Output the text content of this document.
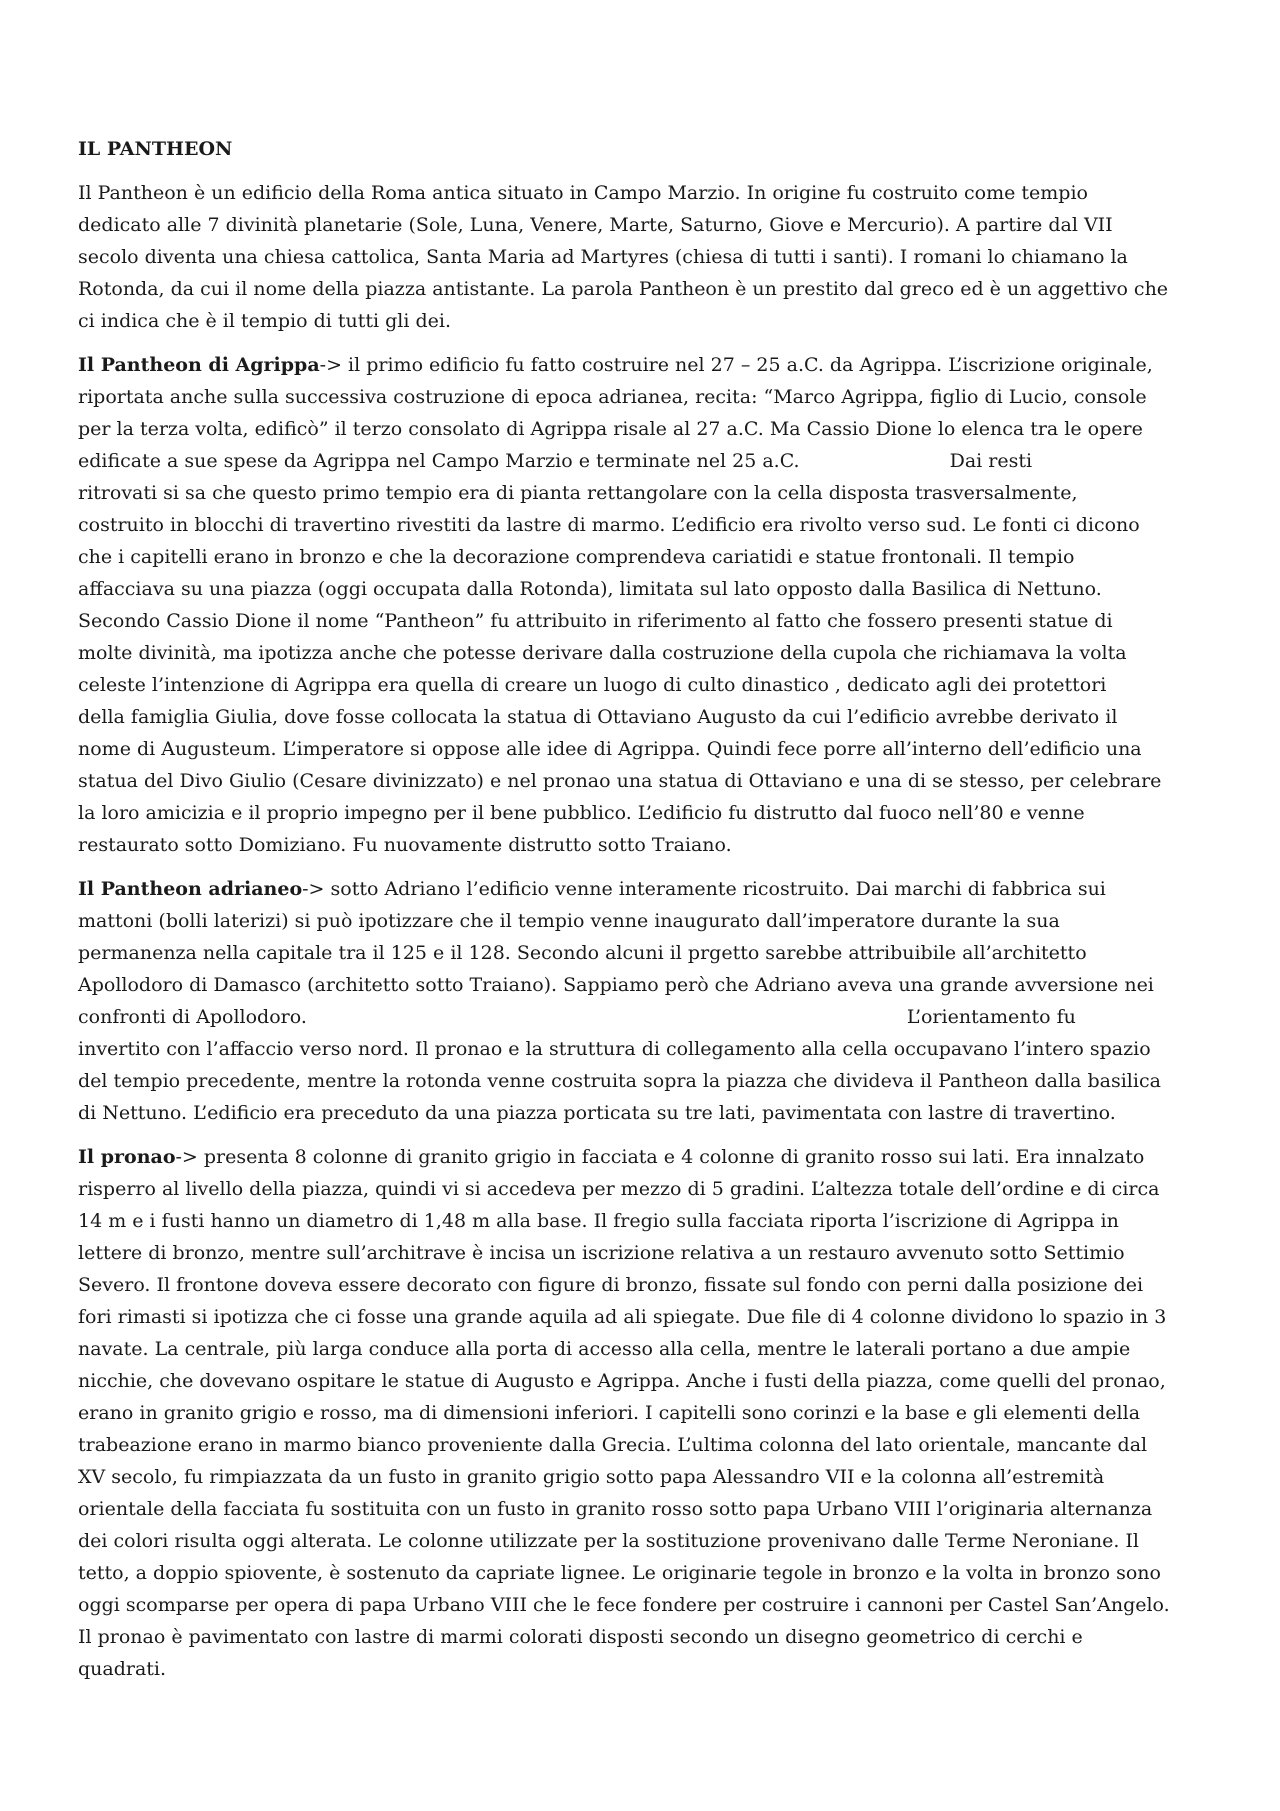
IL PANTHEON
Il Pantheon è un edificio della Roma antica situato in Campo Marzio. In origine fu costruito come tempio
dedicato alle 7 divinità planetarie (Sole, Luna, Venere, Marte, Saturno, Giove e Mercurio). A partire dal VII
secolo diventa una chiesa cattolica, Santa Maria ad Martyres (chiesa di tutti i santi). I romani lo chiamano la
Rotonda, da cui il nome della piazza antistante. La parola Pantheon è un prestito dal greco ed è un aggettivo che
ci indica che è il tempio di tutti gli dei.
Il Pantheon di Agrippa-> il primo edificio fu fatto costruire nel 27 – 25 a.C. da Agrippa. L’iscrizione originale,
riportata anche sulla successiva costruzione di epoca adrianea, recita: “Marco Agrippa, figlio di Lucio, console
per la terza volta, edificò” il terzo consolato di Agrippa risale al 27 a.C. Ma Cassio Dione lo elenca tra le opere
edificate a sue spese da Agrippa nel Campo Marzio e terminate nel 25 a.C.	Dai resti
ritrovati si sa che questo primo tempio era di pianta rettangolare con la cella disposta trasversalmente,
costruito in blocchi di travertino rivestiti da lastre di marmo. L’edificio era rivolto verso sud. Le fonti ci dicono
che i capitelli erano in bronzo e che la decorazione comprendeva cariatidi e statue frontonali. Il tempio
affacciava su una piazza (oggi occupata dalla Rotonda), limitata sul lato opposto dalla Basilica di Nettuno.
Secondo Cassio Dione il nome “Pantheon” fu attribuito in riferimento al fatto che fossero presenti statue di
molte divinità, ma ipotizza anche che potesse derivare dalla costruzione della cupola che richiamava la volta
celeste l’intenzione di Agrippa era quella di creare un luogo di culto dinastico , dedicato agli dei protettori
della famiglia Giulia, dove fosse collocata la statua di Ottaviano Augusto da cui l’edificio avrebbe derivato il
nome di Augusteum. L’imperatore si oppose alle idee di Agrippa. Quindi fece porre all’interno dell’edificio una
statua del Divo Giulio (Cesare divinizzato) e nel pronao una statua di Ottaviano e una di se stesso, per celebrare
la loro amicizia e il proprio impegno per il bene pubblico. L’edificio fu distrutto dal fuoco nell’80 e venne
restaurato sotto Domiziano. Fu nuovamente distrutto sotto Traiano.
Il Pantheon adrianeo-> sotto Adriano l’edificio venne interamente ricostruito. Dai marchi di fabbrica sui
mattoni (bolli laterizi) si può ipotizzare che il tempio venne inaugurato dall’imperatore durante la sua
permanenza nella capitale tra il 125 e il 128. Secondo alcuni il prgetto sarebbe attribuibile all’architetto
Apollodoro di Damasco (architetto sotto Traiano). Sappiamo però che Adriano aveva una grande avversione nei
confronti di Apollodoro.	L’orientamento fu
invertito con l’affaccio verso nord. Il pronao e la struttura di collegamento alla cella occupavano l’intero spazio
del tempio precedente, mentre la rotonda venne costruita sopra la piazza che divideva il Pantheon dalla basilica
di Nettuno. L’edificio era preceduto da una piazza porticata su tre lati, pavimentata con lastre di travertino.
Il pronao-> presenta 8 colonne di granito grigio in facciata e 4 colonne di granito rosso sui lati. Era innalzato
risperro al livello della piazza, quindi vi si accedeva per mezzo di 5 gradini. L’altezza totale dell’ordine e di circa
14 m e i fusti hanno un diametro di 1,48 m alla base. Il fregio sulla facciata riporta l’iscrizione di Agrippa in
lettere di bronzo, mentre sull’architrave è incisa un iscrizione relativa a un restauro avvenuto sotto Settimio
Severo. Il frontone doveva essere decorato con figure di bronzo, fissate sul fondo con perni dalla posizione dei
fori rimasti si ipotizza che ci fosse una grande aquila ad ali spiegate. Due file di 4 colonne dividono lo spazio in 3
navate. La centrale, più larga conduce alla porta di accesso alla cella, mentre le laterali portano a due ampie
nicchie, che dovevano ospitare le statue di Augusto e Agrippa. Anche i fusti della piazza, come quelli del pronao,
erano in granito grigio e rosso, ma di dimensioni inferiori. I capitelli sono corinzi e la base e gli elementi della
trabeazione erano in marmo bianco proveniente dalla Grecia. L’ultima colonna del lato orientale, mancante dal
XV secolo, fu rimpiazzata da un fusto in granito grigio sotto papa Alessandro VII e la colonna all’estremità
orientale della facciata fu sostituita con un fusto in granito rosso sotto papa Urbano VIII l’originaria alternanza
dei colori risulta oggi alterata. Le colonne utilizzate per la sostituzione provenivano dalle Terme Neroniane. Il
tetto, a doppio spiovente, è sostenuto da capriate lignee. Le originarie tegole in bronzo e la volta in bronzo sono
oggi scomparse per opera di papa Urbano VIII che le fece fondere per costruire i cannoni per Castel San’Angelo.
Il pronao è pavimentato con lastre di marmi colorati disposti secondo un disegno geometrico di cerchi e
quadrati.
